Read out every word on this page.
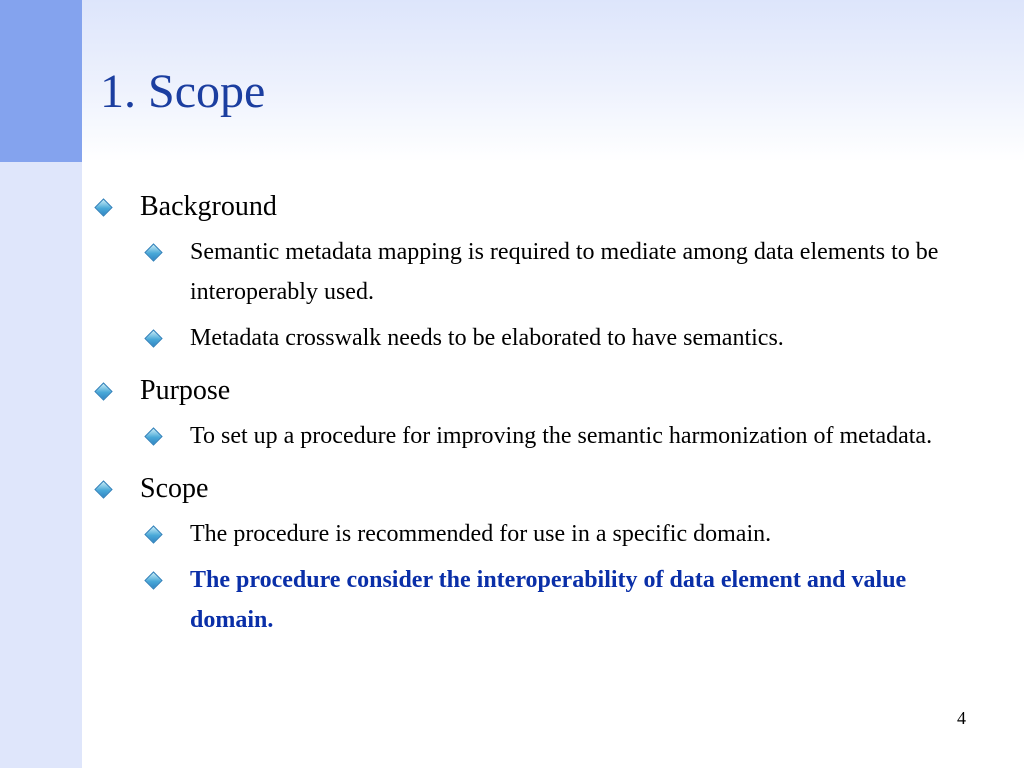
1. Scope
Background
Semantic metadata mapping is required to mediate among data elements to be interoperably used.
Metadata crosswalk needs to be elaborated to have semantics.
Purpose
To set up a procedure for improving the semantic harmonization of metadata.
Scope
The procedure is recommended for use in a specific domain.
The procedure consider the interoperability of data element and value domain.
4
